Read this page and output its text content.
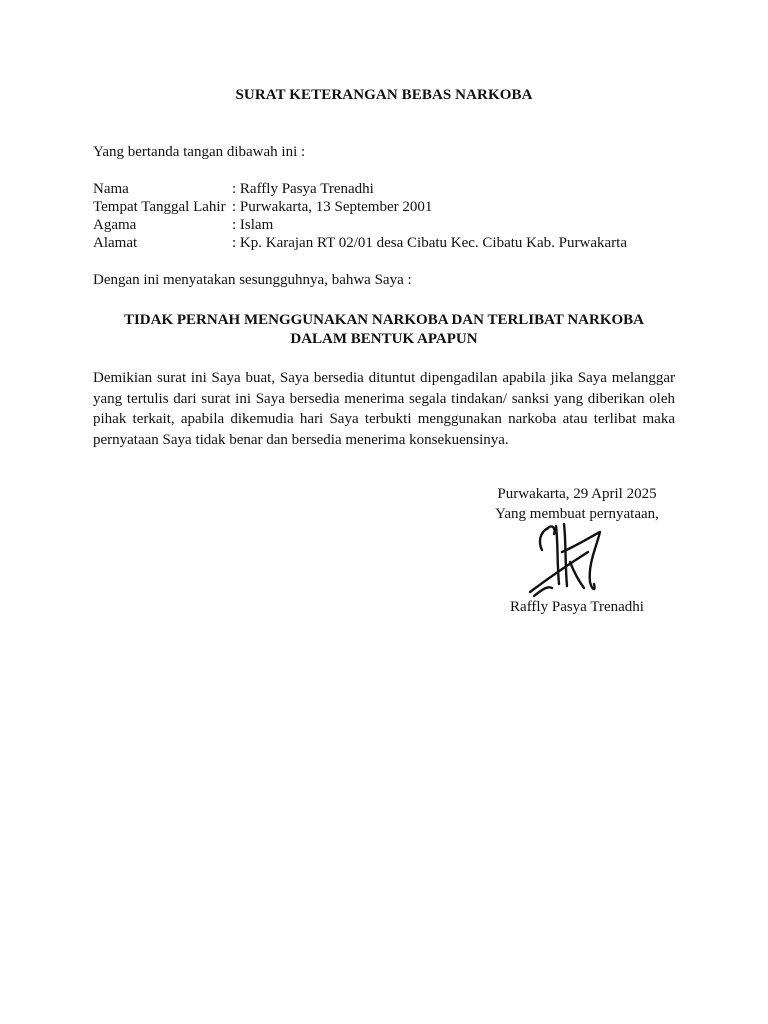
SURAT KETERANGAN BEBAS NARKOBA
Yang bertanda tangan dibawah ini :
Nama	: Raffly Pasya Trenadhi
Tempat Tanggal Lahir : Purwakarta, 13 September 2001
Agama	: Islam
Alamat	: Kp. Karajan RT 02/01 desa Cibatu Kec. Cibatu Kab. Purwakarta
Dengan ini menyatakan sesungguhnya, bahwa Saya :
TIDAK PERNAH MENGGUNAKAN NARKOBA DAN TERLIBAT NARKOBA
DALAM BENTUK APAPUN
Demikian surat ini Saya buat, Saya bersedia dituntut dipengadilan apabila jika Saya melanggar yang tertulis dari surat ini Saya bersedia menerima segala tindakan/ sanksi yang diberikan oleh pihak terkait, apabila dikemudia hari Saya terbukti menggunakan narkoba atau terlibat maka pernyataan Saya tidak benar dan bersedia menerima konsekuensinya.
Purwakarta, 29 April 2025
Yang membuat pernyataan,
Raffly Pasya Trenadhi
